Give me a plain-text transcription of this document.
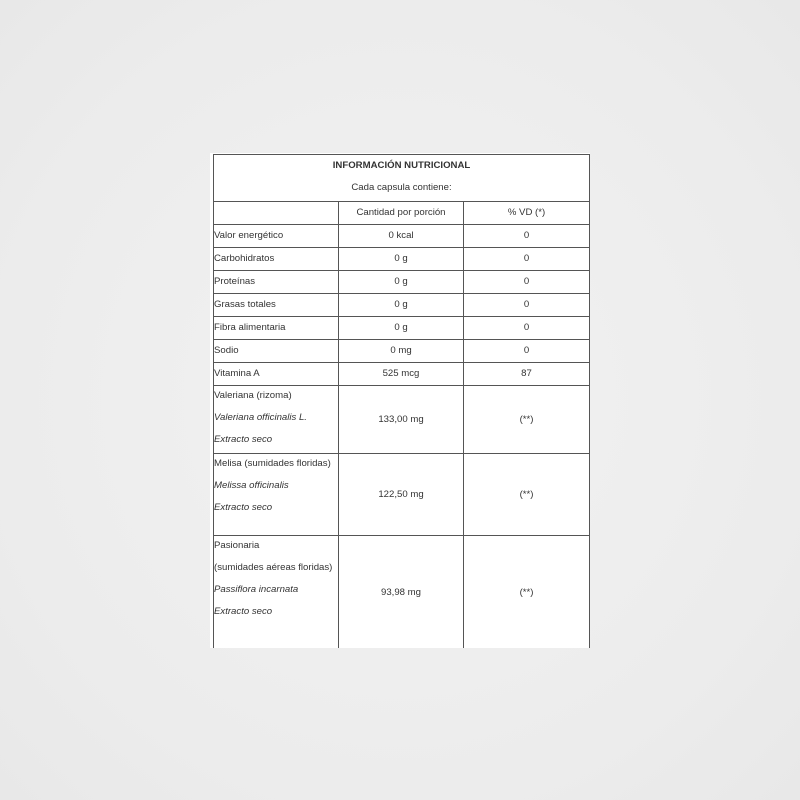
INFORMACIÓN NUTRICIONAL
Cada capsula contiene:		

	Cantidad por porción	% VD (*)
Valor energético	0 kcal	0
Carbohidratos	0 g	0
Proteínas	0 g	0
Grasas totales	0 g	0
Fibra alimentaria	0 g	0
Sodio	0 mg	0
Vitamina A	525 mcg	87

Valeriana (rizoma)
Valeriana officinalis L.
Extracto seco	133,00 mg	(**)

Melisa (sumidades floridas)
Melissa officinalis
Extracto seco	122,50 mg	(**)

Pasionaria
(sumidades aéreas floridas)
Passiflora incarnata
Extracto seco	93,98 mg	(**)
